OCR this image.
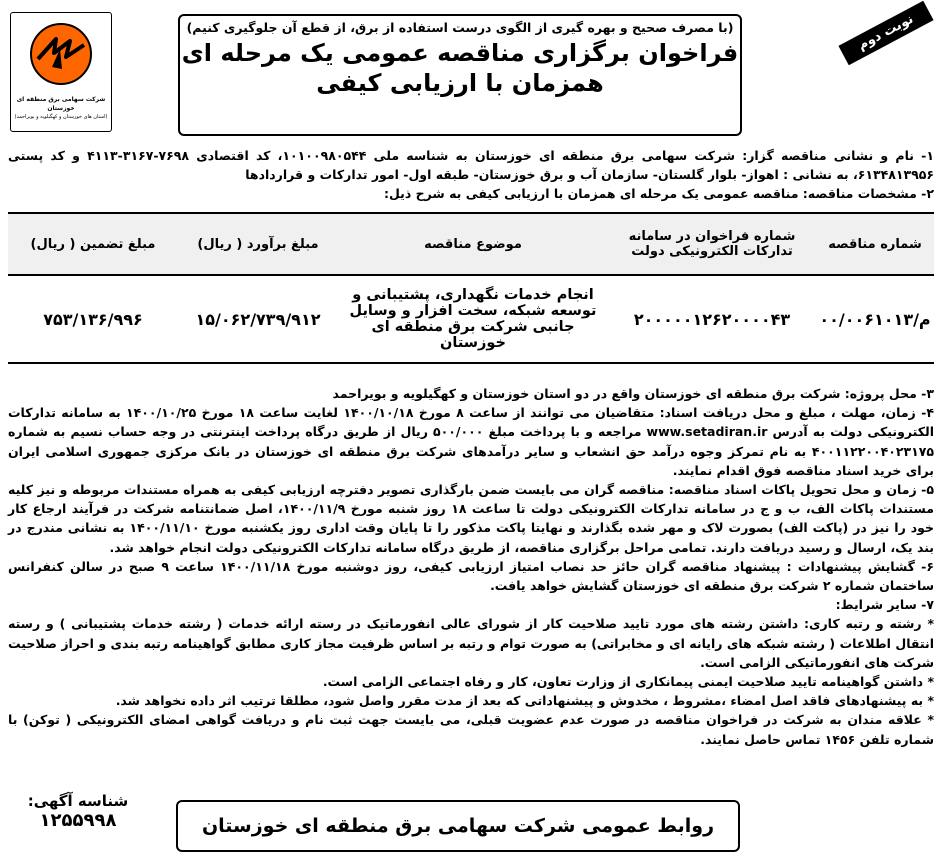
نوبت دوم
(با مصرف صحیح و بهره گیری از الگوی درست استفاده از برق، از قطع آن جلوگیری کنیم)
فراخوان برگزاری مناقصه عمومی یک مرحله ای
همزمان با ارزیابی کیفی
شرکت سهامی برق منطقه ای خوزستان
(استان های خوزستان و کهگیلویه و بویراحمد)
۱- نام و نشانی مناقصه گزار: شرکت سهامی برق منطقه ای خوزستان به شناسه ملی ۱۰۱۰۰۹۸۰۵۴۴، کد اقتصادی ۷۶۹۸-۳۱۶۷-۴۱۱۳ و کد پستی ۶۱۳۴۸۱۳۹۵۶، به نشانی : اهواز- بلوار گلستان- سازمان آب و برق خوزستان- طبقه اول- امور تدارکات و قراردادها
۲- مشخصات مناقصه: مناقصه عمومی یک مرحله ای همزمان با ارزیابی کیفی به شرح ذیل:
شماره مناقصه	شماره فراخوان در سامانه تدارکات الکترونیکی دولت	موضوع مناقصه	مبلغ برآورد ( ریال)	مبلغ تضمین ( ریال)
م/۰۰/۰۰۶۱۰۱۳	۲۰۰۰۰۰۱۲۶۲۰۰۰۰۴۳	انجام خدمات نگهداری، پشتیبانی و توسعه شبکه، سخت افزار و وسایل جانبی شرکت برق منطقه ای خوزستان	۱۵/۰۶۲/۷۳۹/۹۱۲	۷۵۳/۱۳۶/۹۹۶

۳- محل پروژه: شرکت برق منطقه ای خوزستان واقع در دو استان خوزستان و کهگیلویه و بویراحمد

۴- زمان، مهلت ، مبلغ و محل دریافت اسناد: متقاضیان می توانند از ساعت ۸ مورخ ۱۴۰۰/۱۰/۱۸ لغایت ساعت ۱۸ مورخ ۱۴۰۰/۱۰/۲۵ به سامانه تدارکات الکترونیکی دولت به آدرس www.setadiran.ir مراجعه و با پرداخت مبلغ ۵۰۰/۰۰۰ ریال از طریق درگاه پرداخت اینترنتی در وجه حساب نسیم به شماره ۴۰۰۱۱۲۲۰۰۴۰۲۳۱۷۵ به نام تمرکز وجوه درآمد حق انشعاب و سایر درآمدهای شرکت برق منطقه ای خوزستان در بانک مرکزی جمهوری اسلامی ایران برای خرید اسناد مناقصه فوق اقدام نمایند.

۵- زمان و محل تحویل پاکات اسناد مناقصه: مناقصه گران می بایست ضمن بارگذاری تصویر دفترچه ارزیابی کیفی به همراه مستندات مربوطه و نیز کلیه مستندات پاکات الف، ب و ج در سامانه تدارکات الکترونیکی دولت تا ساعت ۱۸ روز شنبه مورخ ۱۴۰۰/۱۱/۹، اصل ضمانتنامه شرکت در فرآیند ارجاع کار خود را نیز در (پاکت الف) بصورت لاک و مهر شده بگذارند و نهایتا پاکت مذکور را تا پایان وقت اداری روز یکشنبه مورخ ۱۴۰۰/۱۱/۱۰ به نشانی مندرج در بند یک، ارسال و رسید دریافت دارند. تمامی مراحل برگزاری مناقصه، از طریق درگاه سامانه تدارکات الکترونیکی دولت انجام خواهد شد.

۶- گشایش پیشنهادات : پیشنهاد مناقصه گران حائز حد نصاب امتیاز ارزیابی کیفی، روز دوشنبه مورخ ۱۴۰۰/۱۱/۱۸ ساعت ۹ صبح در سالن کنفرانس ساختمان شماره ۲ شرکت برق منطقه ای خوزستان گشایش خواهد یافت.

۷- سایر شرایط:

* رشته و رتبه کاری: داشتن رشته های مورد تایید صلاحیت کار از شورای عالی انفورماتیک در رسته ارائه خدمات ( رشته خدمات پشتیبانی ) و رسته انتقال اطلاعات ( رشته شبکه های رایانه ای و مخابراتی) به صورت توام و رتبه بر اساس ظرفیت مجاز کاری مطابق گواهینامه رتبه بندی و احراز صلاحیت شرکت های انفورماتیکی الزامی است.

* داشتن گواهینامه تایید صلاحیت ایمنی پیمانکاری از وزارت تعاون، کار و رفاه اجتماعی الزامی است.

* به پیشنهادهای فاقد اصل امضاء ،مشروط ، مخدوش و پیشنهاداتی که بعد از مدت مقرر واصل شود، مطلقا ترتیب اثر داده نخواهد شد.

* علاقه مندان به شرکت در فراخوان مناقصه در صورت عدم عضویت قبلی، می بایست جهت ثبت نام و دریافت گواهی امضای الکترونیکی ( توکن) با شماره تلفن ۱۴۵۶ تماس حاصل نمایند.

روابط عمومی شرکت سهامی برق منطقه ای خوزستان
شناسه آگهی:
۱۲۵۵۹۹۸
